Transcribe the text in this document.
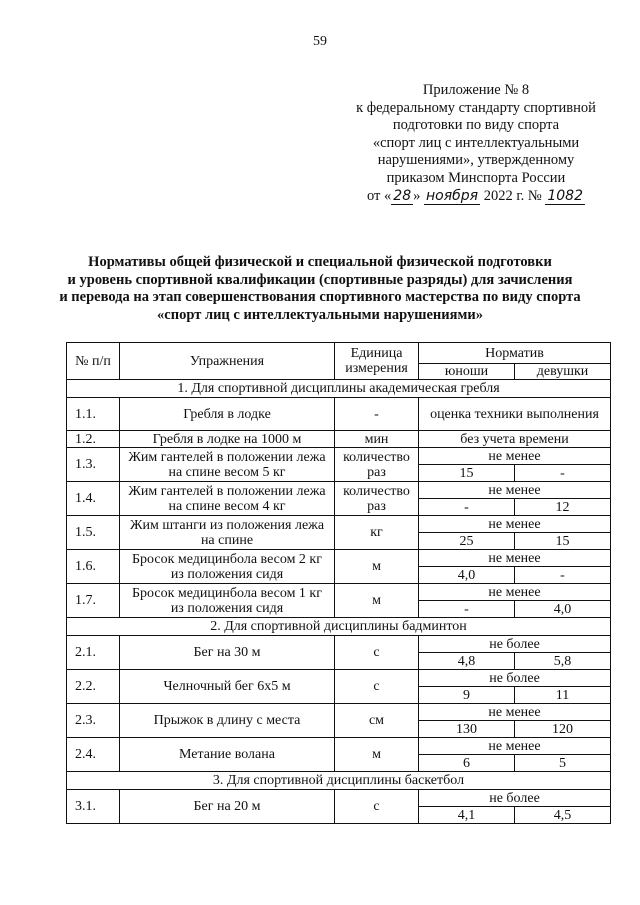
59
Приложение № 8
к федеральному стандарту спортивной
подготовки по виду спорта
«спорт лиц с интеллектуальными
нарушениями», утвержденному
приказом Минспорта России
от « 28 » ноября 2022 г. № 1082
Нормативы общей физической и специальной физической подготовки
и уровень спортивной квалификации (спортивные разряды) для зачисления
и перевода на этап совершенствования спортивного мастерства по виду спорта
«спорт лиц с интеллектуальными нарушениями»
№ п/п	Упражнения	Единица измерения	Норматив	
			юноши	девушки
1. Для спортивной дисциплины академическая гребля				
1.1.	Гребля в лодке	-	оценка техники выполнения	
1.2.	Гребля в лодке на 1000 м	мин	без учета времени	
1.3.	Жим гантелей в положении лежа на спине весом 5 кг	количество раз	не менее	
			15	-
1.4.	Жим гантелей в положении лежа на спине весом 4 кг	количество раз	не менее	
			-	12
1.5.	Жим штанги из положения лежа на спине	кг	не менее	
			25	15
1.6.	Бросок медицинбола весом 2 кг из положения сидя	м	не менее	
			4,0	-
1.7.	Бросок медицинбола весом 1 кг из положения сидя	м	не менее	
			-	4,0
2. Для спортивной дисциплины бадминтон				
2.1.	Бег на 30 м	с	не более	
			4,8	5,8
2.2.	Челночный бег 6x5 м	с	не более	
			9	11
2.3.	Прыжок в длину с места	см	не менее	
			130	120
2.4.	Метание волана	м	не менее	
			6	5
3. Для спортивной дисциплины баскетбол				
3.1.	Бег на 20 м	с	не более	
			4,1	4,5
